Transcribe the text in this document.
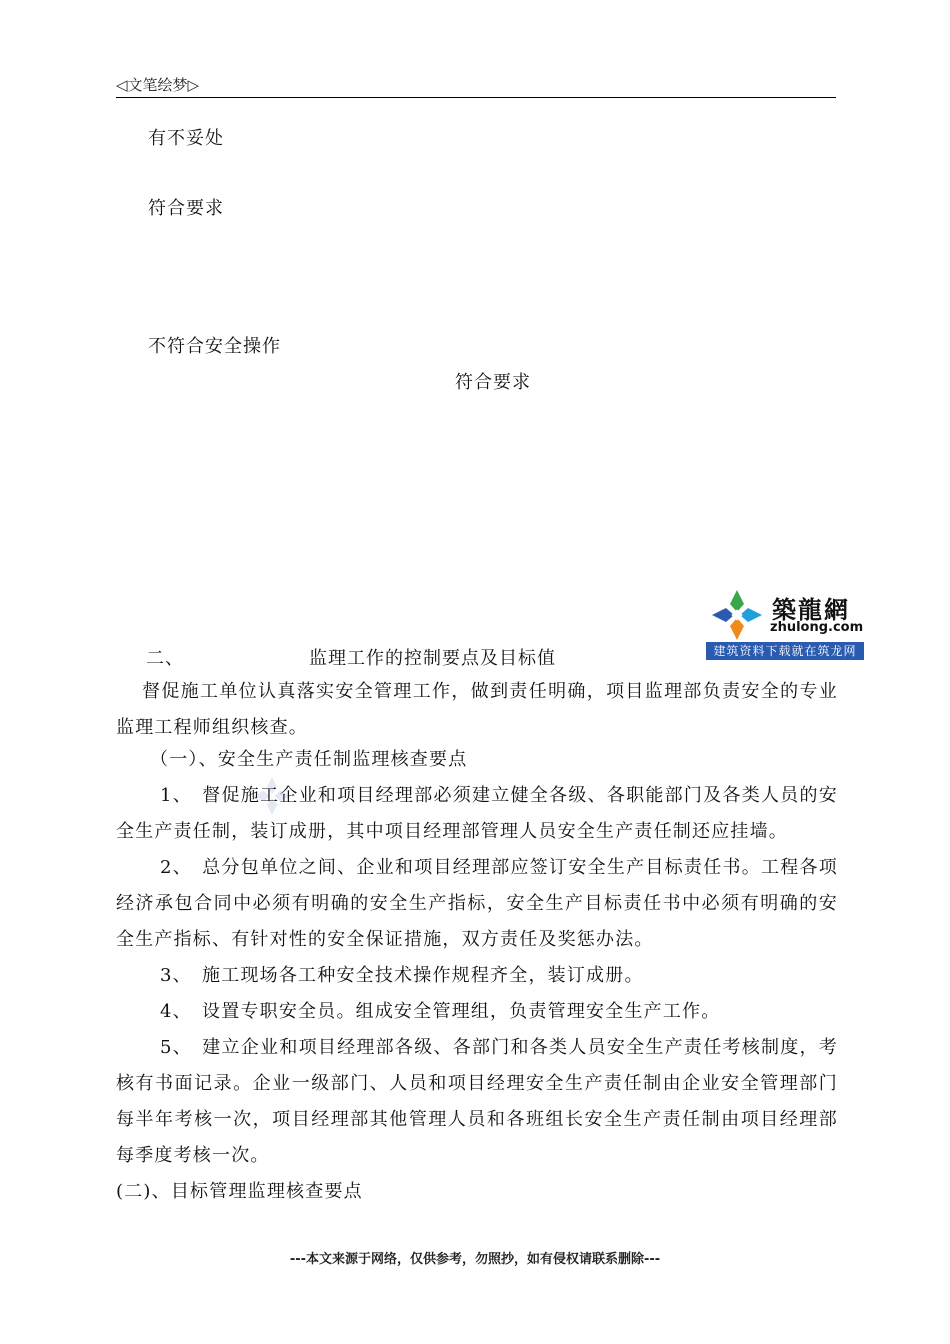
◁文笔绘梦▷
有不妥处
符合要求
不符合安全操作
符合要求
築龍網
zhulong.com
建筑资料下载就在筑龙网
二、	监理工作的控制要点及目标值
督促施工单位认真落实安全管理工作，做到责任明确，项目监理部负责安全的专业监理工程师组织核查。
（一）、安全生产责任制监理核查要点
1、　督促施工企业和项目经理部必须建立健全各级、各职能部门及各类人员的安全生产责任制，装订成册，其中项目经理部管理人员安全生产责任制还应挂墙。
2、　总分包单位之间、企业和项目经理部应签订安全生产目标责任书。工程各项经济承包合同中必须有明确的安全生产指标，安全生产目标责任书中必须有明确的安全生产指标、有针对性的安全保证措施，双方责任及奖惩办法。
3、　施工现场各工种安全技术操作规程齐全，装订成册。
4、　设置专职安全员。组成安全管理组，负责管理安全生产工作。
5、　建立企业和项目经理部各级、各部门和各类人员安全生产责任考核制度，考核有书面记录。企业一级部门、人员和项目经理安全生产责任制由企业安全管理部门每半年考核一次，项目经理部其他管理人员和各班组长安全生产责任制由项目经理部每季度考核一次。
(二)、目标管理监理核查要点
---本文来源于网络，仅供参考，勿照抄，如有侵权请联系删除---
